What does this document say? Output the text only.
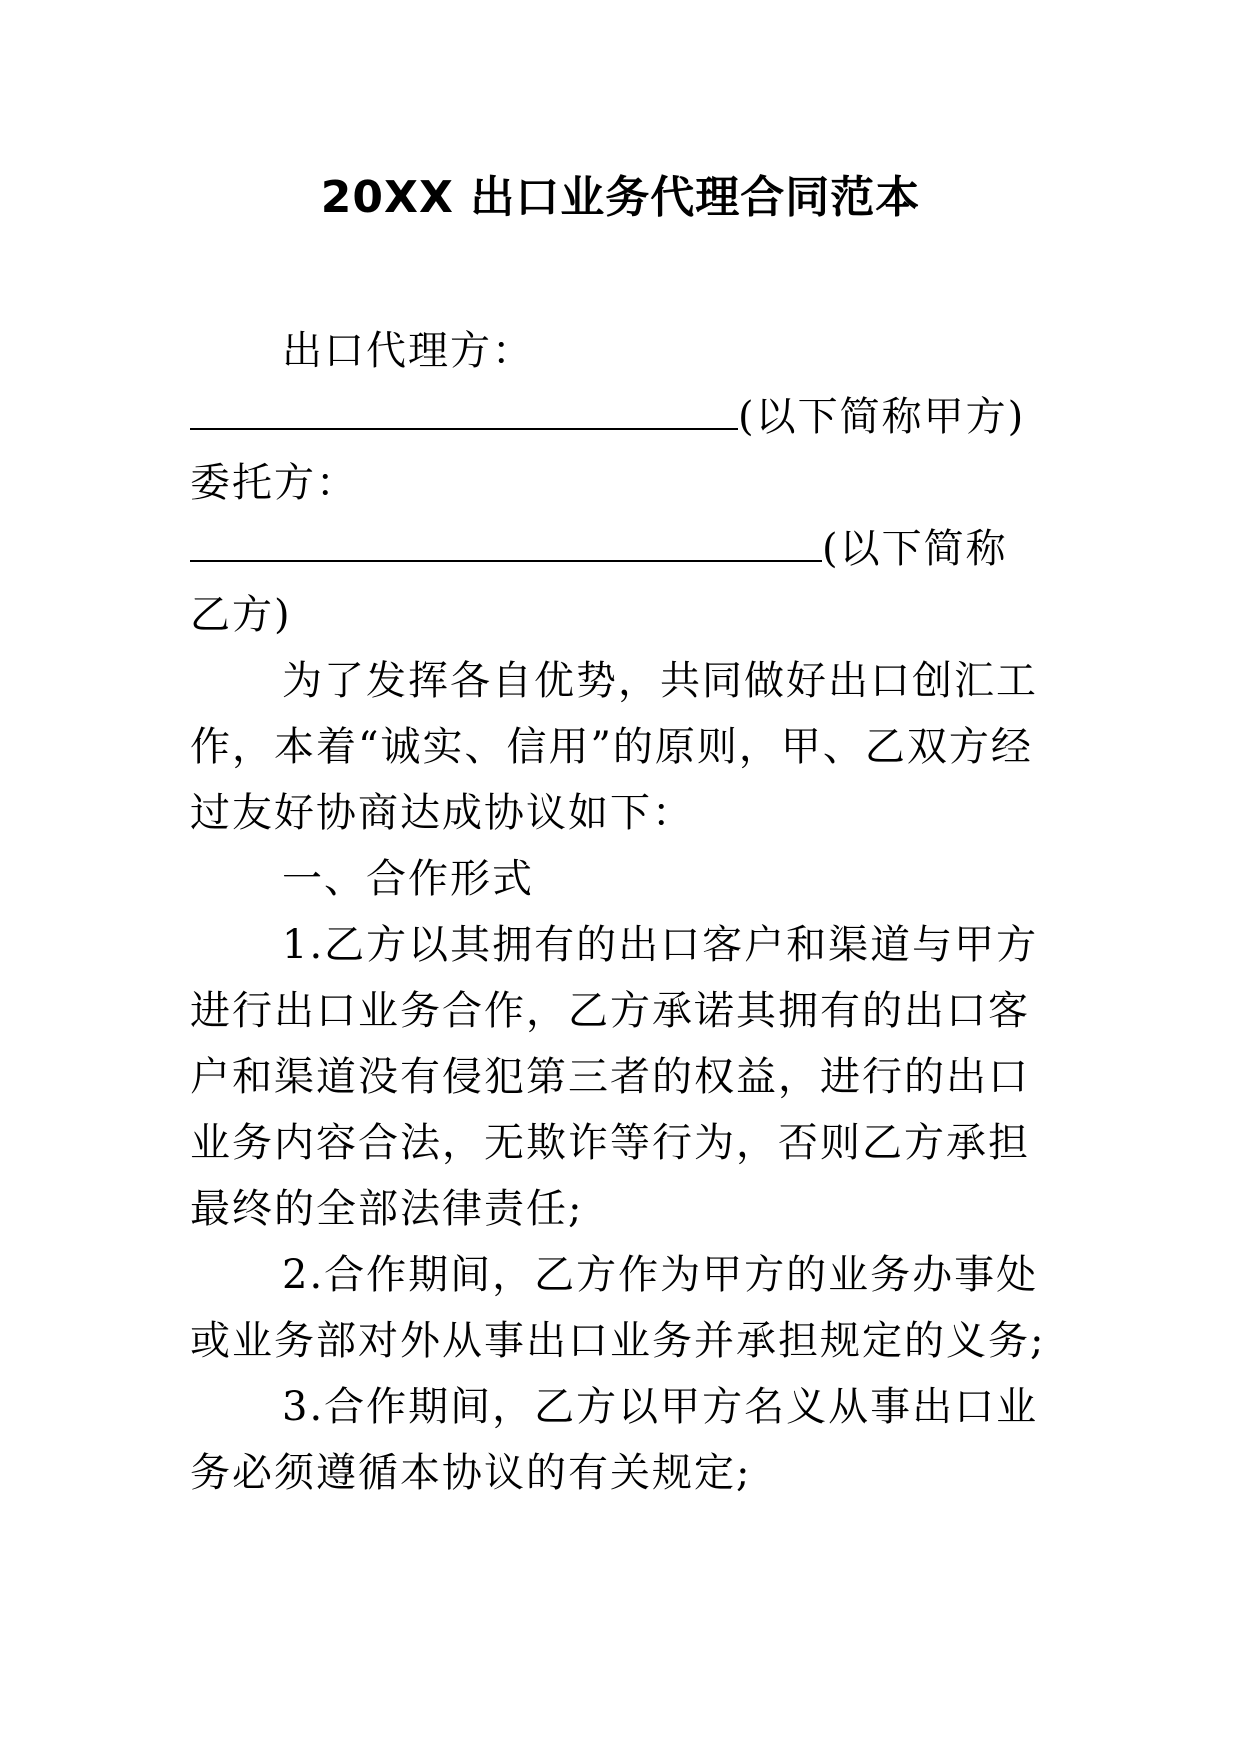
20XX 出口业务代理合同范本

出口代理方：

(以下简称甲方)

委托方：

(以下简称

乙方)

为了发挥各自优势，共同做好出口创汇工作，本着“诚实、信用”的原则，甲、乙双方经过友好协商达成协议如下：

一、合作形式

1.乙方以其拥有的出口客户和渠道与甲方进行出口业务合作，乙方承诺其拥有的出口客户和渠道没有侵犯第三者的权益，进行的出口业务内容合法，无欺诈等行为，否则乙方承担最终的全部法律责任;

2.合作期间，乙方作为甲方的业务办事处或业务部对外从事出口业务并承担规定的义务;

3.合作期间，乙方以甲方名义从事出口业务必须遵循本协议的有关规定;
